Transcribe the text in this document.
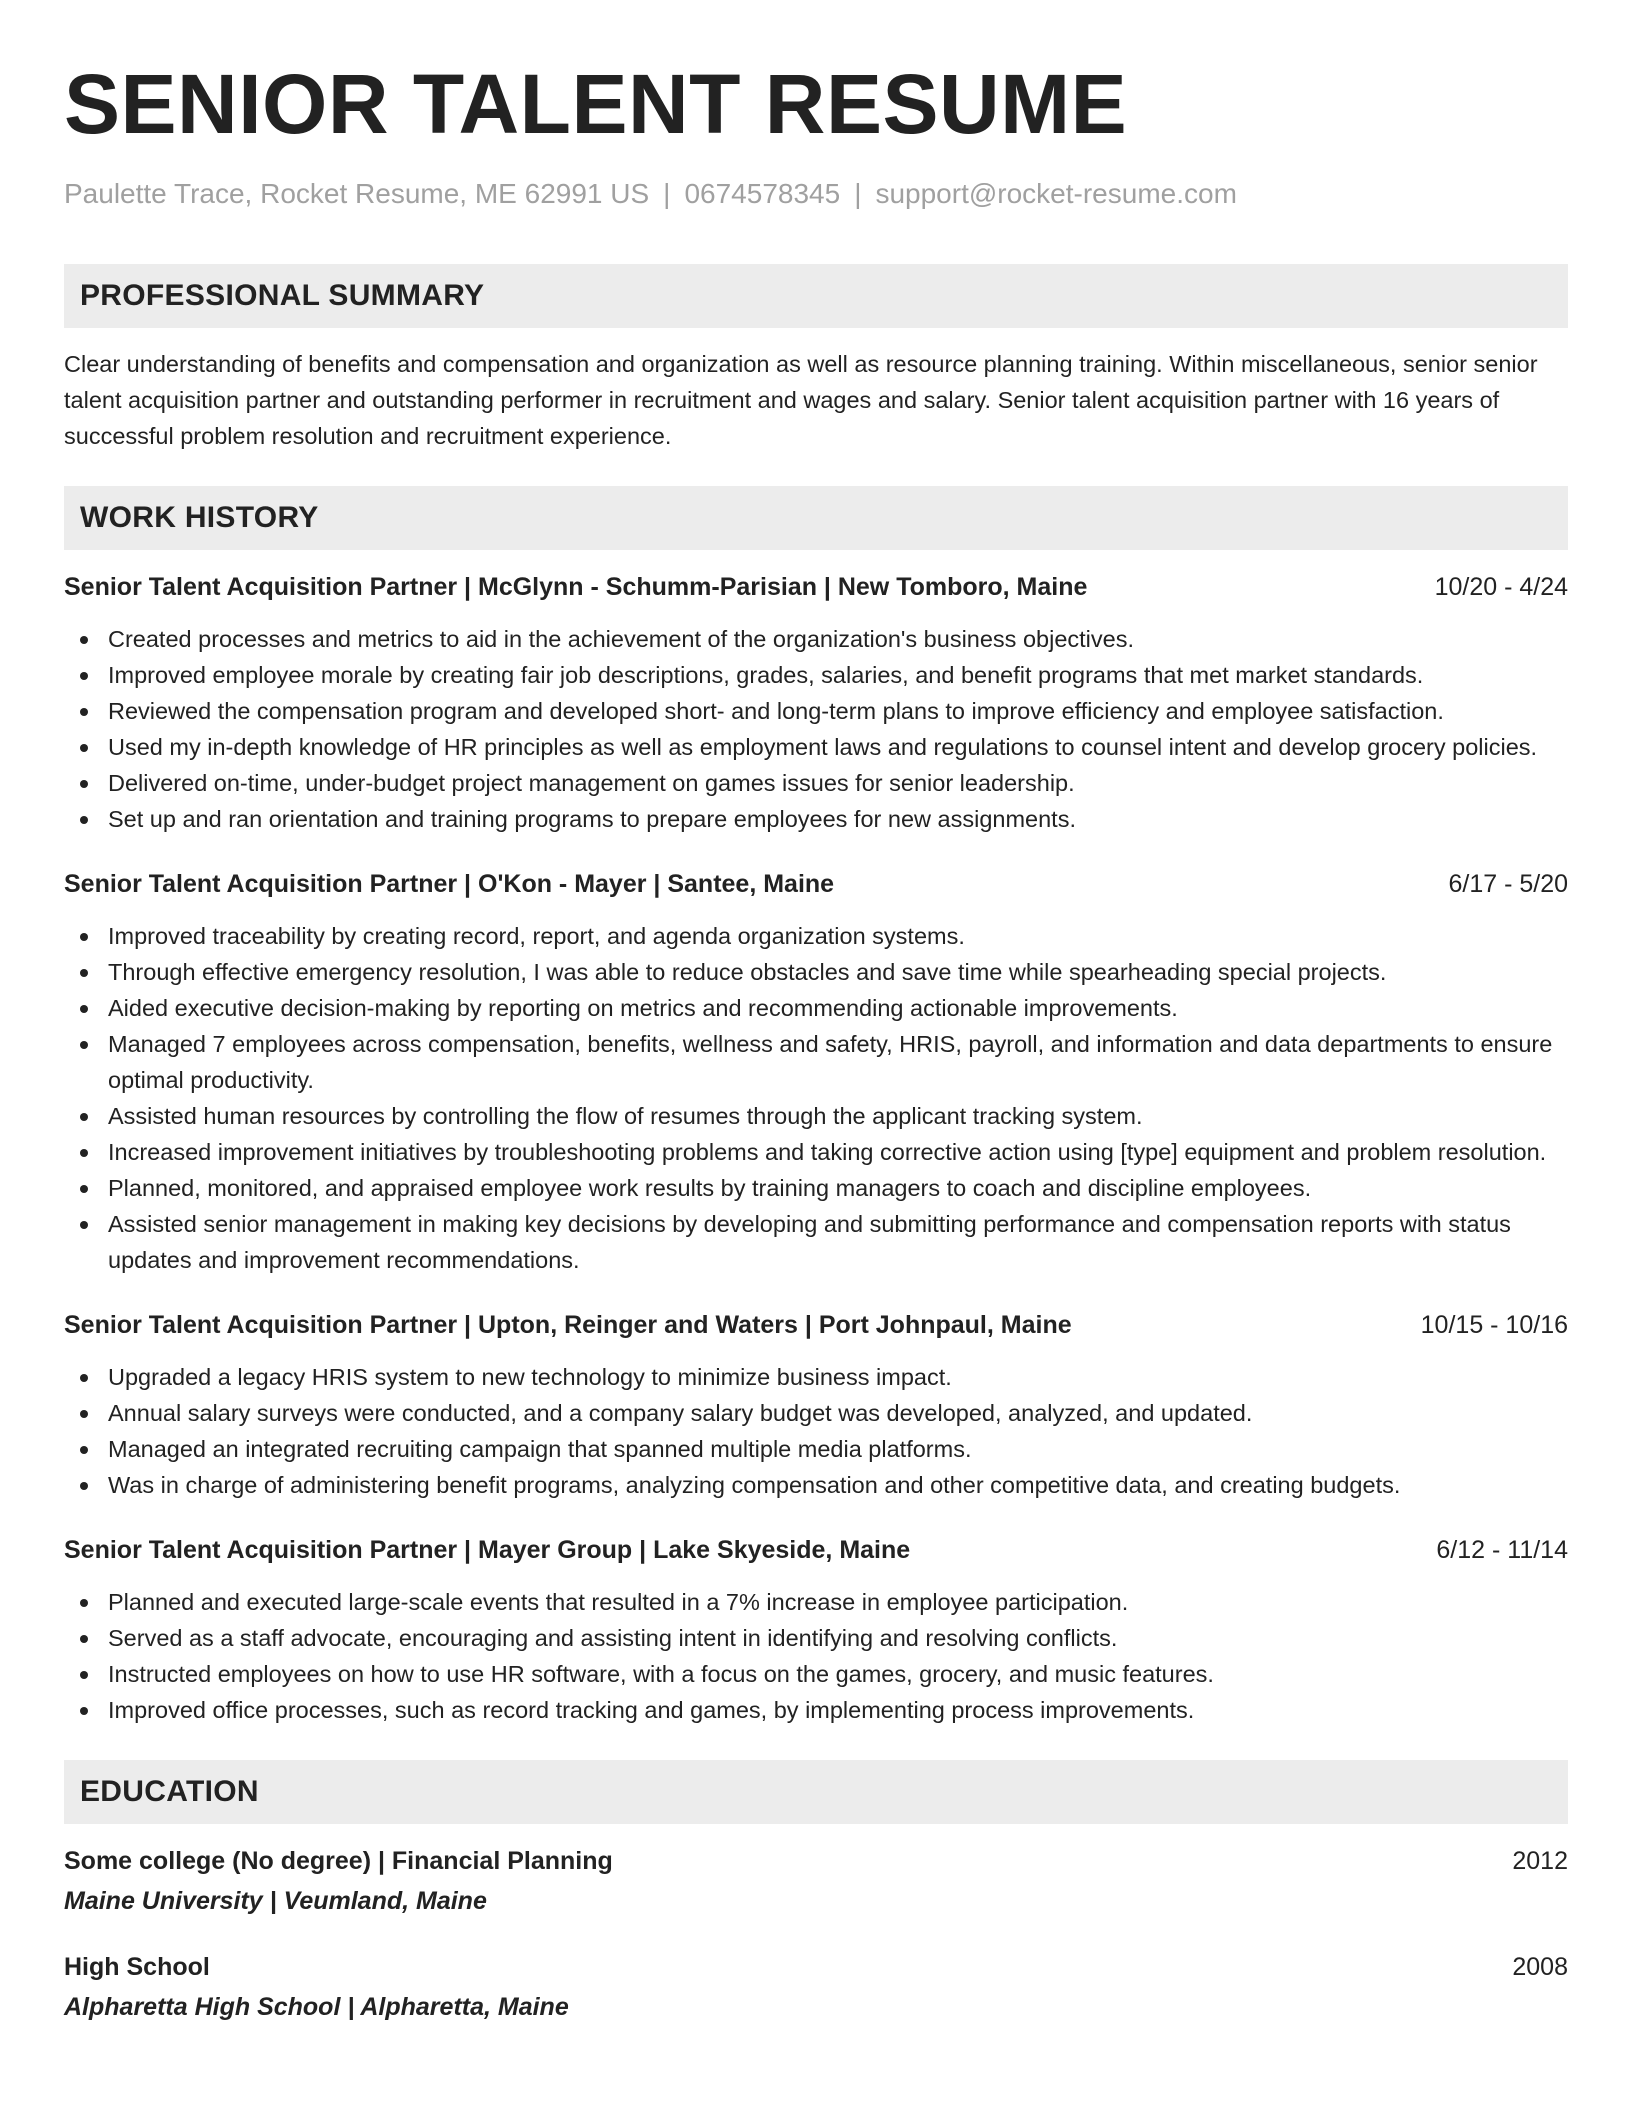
SENIOR TALENT RESUME
Paulette Trace, Rocket Resume, ME 62991 US | 0674578345 | support@rocket-resume.com
PROFESSIONAL SUMMARY

Clear understanding of benefits and compensation and organization as well as resource planning training. Within miscellaneous, senior senior talent acquisition partner and outstanding performer in recruitment and wages and salary. Senior talent acquisition partner with 16 years of successful problem resolution and recruitment experience.

WORK HISTORY
Senior Talent Acquisition Partner | McGlynn - Schumm-Parisian | New Tomboro, Maine	10/20 - 4/24
Created processes and metrics to aid in the achievement of the organization's business objectives.
Improved employee morale by creating fair job descriptions, grades, salaries, and benefit programs that met market standards.
Reviewed the compensation program and developed short- and long-term plans to improve efficiency and employee satisfaction.
Used my in-depth knowledge of HR principles as well as employment laws and regulations to counsel intent and develop grocery policies.
Delivered on-time, under-budget project management on games issues for senior leadership.
Set up and ran orientation and training programs to prepare employees for new assignments.
Senior Talent Acquisition Partner | O'Kon - Mayer | Santee, Maine	6/17 - 5/20
Improved traceability by creating record, report, and agenda organization systems.
Through effective emergency resolution, I was able to reduce obstacles and save time while spearheading special projects.
Aided executive decision-making by reporting on metrics and recommending actionable improvements.
Managed 7 employees across compensation, benefits, wellness and safety, HRIS, payroll, and information and data departments to ensure optimal productivity.
Assisted human resources by controlling the flow of resumes through the applicant tracking system.
Increased improvement initiatives by troubleshooting problems and taking corrective action using [type] equipment and problem resolution.
Planned, monitored, and appraised employee work results by training managers to coach and discipline employees.
Assisted senior management in making key decisions by developing and submitting performance and compensation reports with status updates and improvement recommendations.
Senior Talent Acquisition Partner | Upton, Reinger and Waters | Port Johnpaul, Maine	10/15 - 10/16
Upgraded a legacy HRIS system to new technology to minimize business impact.
Annual salary surveys were conducted, and a company salary budget was developed, analyzed, and updated.
Managed an integrated recruiting campaign that spanned multiple media platforms.
Was in charge of administering benefit programs, analyzing compensation and other competitive data, and creating budgets.
Senior Talent Acquisition Partner | Mayer Group | Lake Skyeside, Maine	6/12 - 11/14
Planned and executed large-scale events that resulted in a 7% increase in employee participation.
Served as a staff advocate, encouraging and assisting intent in identifying and resolving conflicts.
Instructed employees on how to use HR software, with a focus on the games, grocery, and music features.
Improved office processes, such as record tracking and games, by implementing process improvements.
EDUCATION
Some college (No degree) | Financial Planning	2012
Maine University | Veumland, Maine
High School	2008
Alpharetta High School | Alpharetta, Maine
